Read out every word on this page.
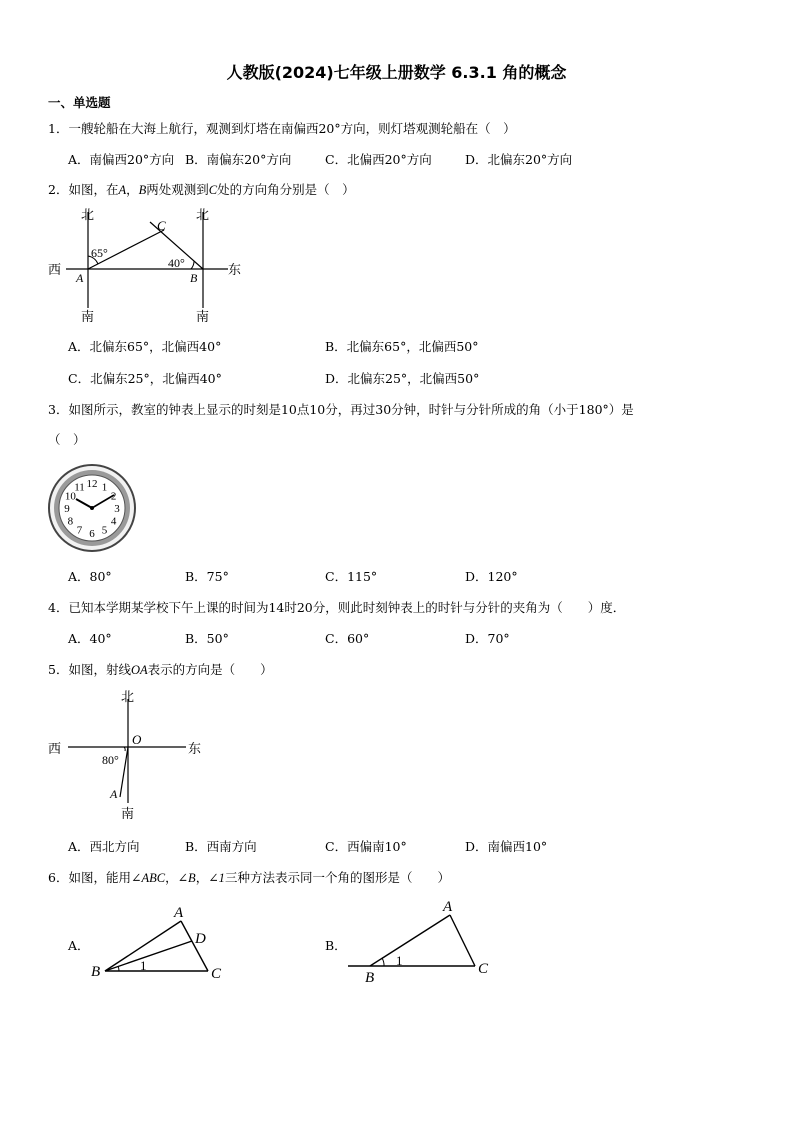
人教版(2024)七年级上册数学 6.3.1 角的概念
一、单选题
1．一艘轮船在大海上航行，观测到灯塔在南偏西20°方向，则灯塔观测轮船在（　）
A．南偏西20°方向 B．南偏东20°方向	C．北偏西20°方向	D．北偏东20°方向
2．如图，在A，B两处观测到C处的方向角分别是（　）
北	北
南	南
西	东
A	B
C
65°
40°
A．北偏东65°，北偏西40°	B．北偏东65°，北偏西50°
C．北偏东25°，北偏西40°	D．北偏东25°，北偏西50°
3．如图所示，教室的钟表上显示的时刻是10点10分，再过30分钟，时针与分针所成的角（小于180°）是
（　）
12 1
2
3
4
5
6
7
8
9
10
11
A．80°	B．75°	C．115°	D．120°
4．已知本学期某学校下午上课的时间为14时20分，则此时刻钟表上的时针与分针的夹角为（　　）度．
A．40°	B．50°	C．60°	D．70°
5．如图，射线OA表示的方向是（　　）
北
南
西	东
O
A
80°
A．西北方向	B．西南方向	C．西偏南10°	D．南偏西10°
6．如图，能用∠ABC，∠B，∠1三种方法表示同一个角的图形是（　　）
A．
B
A
D
C
1
B．
B
A
C
1
